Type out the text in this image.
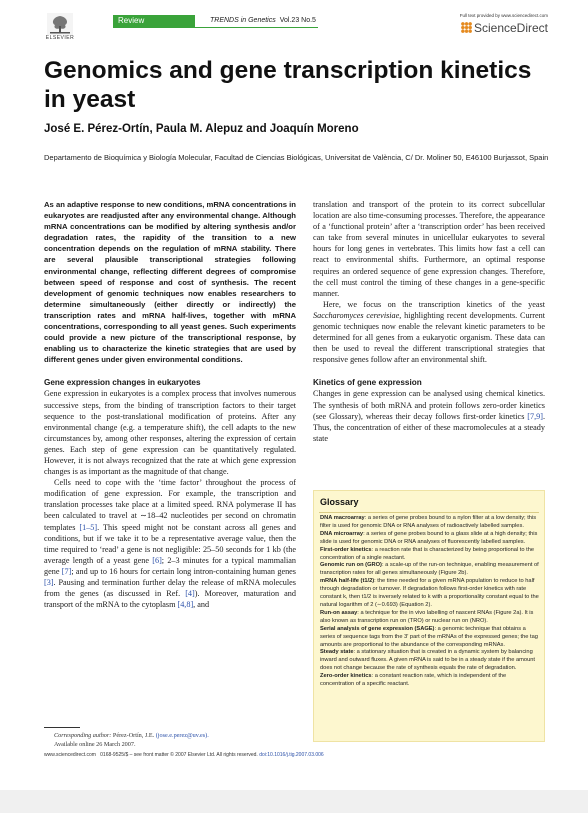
ELSEVIER
Review	TRENDS in Genetics Vol.23 No.5
Full text provided by www.sciencedirect.com
ScienceDirect
Genomics and gene transcription kinetics in yeast
José E. Pérez-Ortín, Paula M. Alepuz and Joaquín Moreno
Departamento de Bioquímica y Biología Molecular, Facultad de Ciencias Biológicas, Universitat de València, C/ Dr. Moliner 50, E46100 Burjassot, Spain

As an adaptive response to new conditions, mRNA concentrations in eukaryotes are readjusted after any environmental change. Although mRNA concentrations can be modified by altering synthesis and/or degradation rates, the rapidity of the transition to a new concentration depends on the regulation of mRNA stability. There are several plausible transcriptional strategies following environmental change, reflecting different degrees of compromise between speed of response and cost of synthesis. The recent development of genomic techniques now enables researchers to determine simultaneously (either directly or indirectly) the transcription rates and mRNA half-lives, together with mRNA concentrations, corresponding to all yeast genes. Such experiments could provide a new picture of the transcriptional response, by enabling us to characterize the kinetic strategies that are used by different genes under given environmental conditions.

Gene expression changes in eukaryotes

Gene expression in eukaryotes is a complex process that involves numerous successive steps, from the binding of transcription factors to their target sequence to the post-translational modification of proteins. After any environmental change (e.g. a temperature shift), the cell adapts to the new circumstances by, among other responses, altering the expression of certain genes. Each step of gene expression can be quantitatively regulated. However, it is not always recognized that the rate at which gene expression changes is as important as the magnitude of that change.

Cells need to cope with the ‘time factor’ throughout the process of modification of gene expression. For example, the transcription and translation processes take place at a limited speed. RNA polymerase II has been calculated to travel at ∼18–42 nucleotides per second on chromatin templates [1–5]. This speed might not be constant across all genes and conditions, but if we take it to be a representative average value, then the time required to ‘read’ a gene is not negligible: 25–50 seconds for 1 kb (the average length of a yeast gene [6]; 2–3 minutes for a typical mammalian gene [7]; and up to 16 hours for certain long intron-containing human genes [3]. Pausing and termination further delay the release of mRNA molecules from the genes (as discussed in Ref. [4]). Moreover, maturation and transport of the mRNA to the cytoplasm [4,8], and

translation and transport of the protein to its correct subcellular location are also time-consuming processes. Therefore, the appearance of a ‘functional protein’ after a ‘transcription order’ has been received can take from several minutes in unicellular eukaryotes to several hours for long genes in vertebrates. This limits how fast a cell can react to environmental shifts. Furthermore, an optimal response requires an ordered sequence of gene expression changes. Therefore, the cell must control the timing of these changes in a gene-specific manner.

Here, we focus on the transcription kinetics of the yeast Saccharomyces cerevisiae, highlighting recent developments. Current genomic techniques now enable the relevant kinetic parameters to be determined for all genes from a eukaryotic organism. These data can then be used to reveal the different transcriptional strategies that responsive genes follow after an environmental shift.

Kinetics of gene expression

Changes in gene expression can be analysed using chemical kinetics. The synthesis of both mRNA and protein follows zero-order kinetics (see Glossary), whereas their decay follows first-order kinetics [7,9]. Thus, the concentration of either of these macromolecules at a steady state

Glossary

DNA macroarray: a series of gene probes bound to a nylon filter at a low density; this filter is used for genomic DNA or RNA analyses of radioactively labelled samples.

DNA microarray: a series of gene probes bound to a glass slide at a high density; this slide is used for genomic DNA or RNA analyses of fluorescently labelled samples.

First-order kinetics: a reaction rate that is characterized by being proportional to the concentration of a single reactant.

Genomic run on (GRO): a scale-up of the run-on technique, enabling measurement of transcription rates for all genes simultaneously (Figure 2b).

mRNA half-life (t1/2): the time needed for a given mRNA population to reduce to half through degradation or turnover. If degradation follows first-order kinetics with rate constant k, then t1/2 is inversely related to k with a proportionality constant equal to the natural logarithm of 2 (∼0.693) (Equation 2).

Run-on assay: a technique for the in vivo labelling of nascent RNAs (Figure 2a). It is also known as transcription run on (TRO) or nuclear run on (NRO).

Serial analysis of gene expression (SAGE): a genomic technique that obtains a series of sequence tags from the 3′ part of the mRNAs of the expressed genes; the tag amounts are proportional to the abundance of the corresponding mRNAs.

Steady state: a stationary situation that is created in a dynamic system by balancing inward and outward fluxes. A given mRNA is said to be in a steady state if the amount does not change because the rate of synthesis equals the rate of degradation.

Zero-order kinetics: a constant reaction rate, which is independent of the concentration of a specific reactant.

Corresponding author: Pérez-Ortín, J.E. (jose.e.perez@uv.es).
Available online 26 March 2007.
www.sciencedirect.com 0168-9525/$ – see front matter © 2007 Elsevier Ltd. All rights reserved. doi:10.1016/j.tig.2007.03.006
